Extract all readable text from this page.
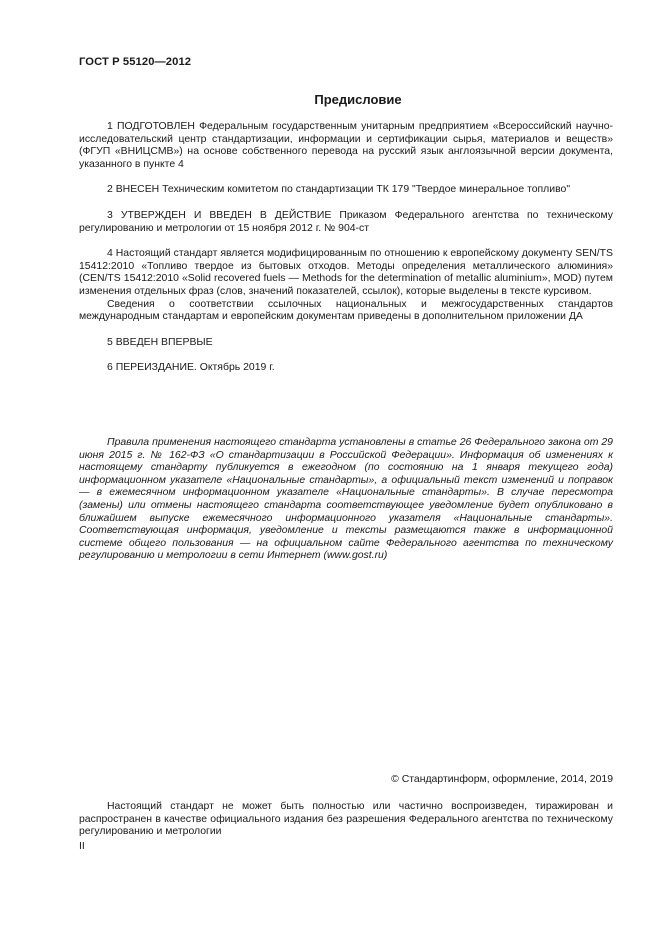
ГОСТ Р 55120—2012
Предисловие

1 ПОДГОТОВЛЕН Федеральным государственным унитарным предприятием «Всероссийский научно-исследовательский центр стандартизации, информации и сертификации сырья, материалов и веществ» (ФГУП «ВНИЦСМВ») на основе собственного перевода на русский язык англоязычной версии документа, указанного в пункте 4

2 ВНЕСЕН Техническим комитетом по стандартизации ТК 179 "Твердое минеральное топливо"

3 УТВЕРЖДЕН И ВВЕДЕН В ДЕЙСТВИЕ Приказом Федерального агентства по техническому регулированию и метрологии от 15 ноября 2012 г. № 904-ст

4 Настоящий стандарт является модифицированным по отношению к европейскому документу SEN/TS 15412:2010 «Топливо твердое из бытовых отходов. Методы определения металлического алюминия» (CEN/TS 15412:2010 «Solid recovered fuels — Methods for the determination of metallic aluminium», MOD) путем изменения отдельных фраз (слов, значений показателей, ссылок), которые выделены в тексте курсивом.

Сведения о соответствии ссылочных национальных и межгосударственных стандартов международным стандартам и европейским документам приведены в дополнительном приложении ДА

5 ВВЕДЕН ВПЕРВЫЕ

6 ПЕРЕИЗДАНИЕ. Октябрь 2019 г.

Правила применения настоящего стандарта установлены в статье 26 Федерального закона от 29 июня 2015 г. № 162-ФЗ «О стандартизации в Российской Федерации». Информация об изменениях к настоящему стандарту публикуется в ежегодном (по состоянию на 1 января текущего года) информационном указателе «Национальные стандарты», а официальный текст изменений и поправок — в ежемесячном информационном указателе «Национальные стандарты». В случае пересмотра (замены) или отмены настоящего стандарта соответствующее уведомление будет опубликовано в ближайшем выпуске ежемесячного информационного указателя «Национальные стандарты». Соответствующая информация, уведомление и тексты размещаются также в информационной системе общего пользования — на официальном сайте Федерального агентства по техническому регулированию и метрологии в сети Интернет (www.gost.ru)

© Стандартинформ, оформление, 2014, 2019

Настоящий стандарт не может быть полностью или частично воспроизведен, тиражирован и распространен в качестве официального издания без разрешения Федерального агентства по техническому регулированию и метрологии

II
